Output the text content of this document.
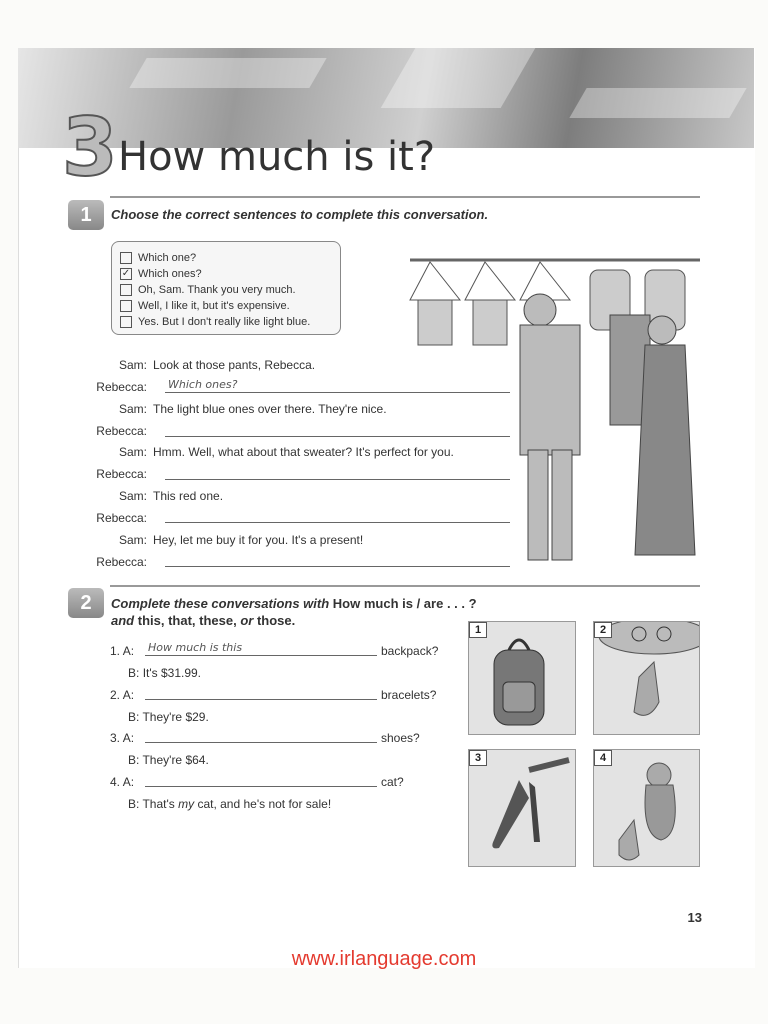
3 How much is it?
1	Choose the correct sentences to complete this conversation.
Which one?
✓ Which ones?
Oh, Sam. Thank you very much.
Well, I like it, but it's expensive.
Yes. But I don't really like light blue.
Sam: Look at those pants, Rebecca.
Rebecca:	Which ones?
Sam: The light blue ones over there. They're nice.
Rebecca:
Sam: Hmm. Well, what about that sweater? It's perfect for you.
Rebecca:
Sam: This red one.
Rebecca:
Sam: Hey, let me buy it for you. It's a present!
Rebecca:
2	Complete these conversations with How much is / are . . . ?
and this, that, these, or those.
1. A: How much is this	backpack?
B: It's $31.99.
2. A:	bracelets?
B: They're $29.
3. A:	shoes?
B: They're $64.
4. A:	cat?
B: That's my cat, and he's not for sale!
1	2
3	4
13
www.irlanguage.com
